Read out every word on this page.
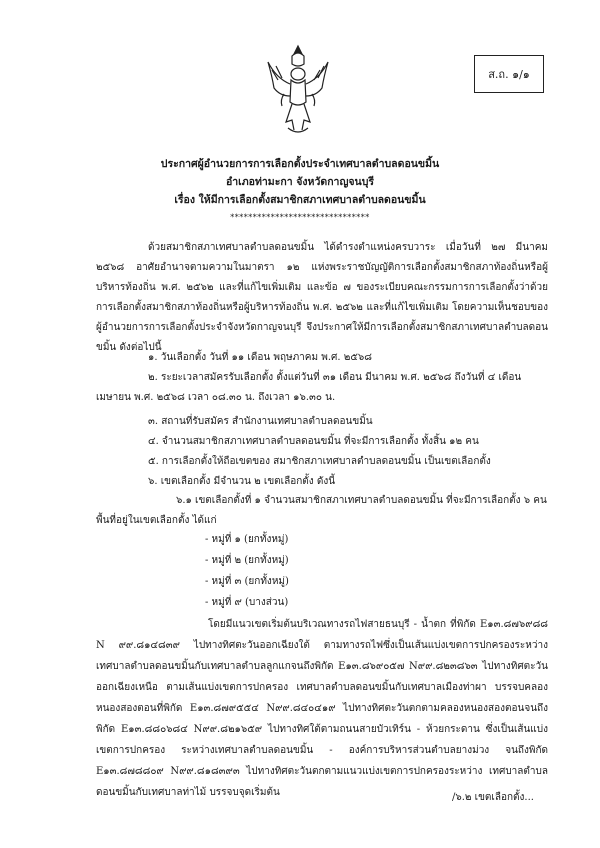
ส.ถ. ๑/๑
ประกาศผู้อำนวยการการเลือกตั้งประจำเทศบาลตำบลดอนขมิ้น
อำเภอท่ามะกา จังหวัดกาญจนบุรี
เรื่อง ให้มีการเลือกตั้งสมาชิกสภาเทศบาลตำบลดอนขมิ้น
*******************************

ด้วยสมาชิกสภาเทศบาลตำบลดอนขมิ้น ได้ดำรงตำแหน่งครบวาระ เมื่อวันที่ ๒๗ มีนาคม ๒๕๖๘ อาศัยอำนาจตามความในมาตรา ๑๒ แห่งพระราชบัญญัติการเลือกตั้งสมาชิกสภาท้องถิ่นหรือผู้บริหารท้องถิ่น พ.ศ. ๒๕๖๒ และที่แก้ไขเพิ่มเติม และข้อ ๗ ของระเบียบคณะกรรมการการเลือกตั้งว่าด้วยการเลือกตั้งสมาชิกสภาท้องถิ่นหรือผู้บริหารท้องถิ่น พ.ศ. ๒๕๖๒ และที่แก้ไขเพิ่มเติม โดยความเห็นชอบของผู้อำนวยการการเลือกตั้งประจำจังหวัดกาญจนบุรี จึงประกาศให้มีการเลือกตั้งสมาชิกสภาเทศบาลตำบลดอนขมิ้น ดังต่อไปนี้

๑. วันเลือกตั้ง วันที่ ๑๑ เดือน พฤษภาคม พ.ศ. ๒๕๖๘

๒. ระยะเวลาสมัครรับเลือกตั้ง ตั้งแต่วันที่ ๓๑ เดือน มีนาคม พ.ศ. ๒๕๖๘ ถึงวันที่ ๔ เดือน เมษายน พ.ศ. ๒๕๖๘ เวลา ๐๘.๓๐ น. ถึงเวลา ๑๖.๓๐ น.

๓. สถานที่รับสมัคร สำนักงานเทศบาลตำบลดอนขมิ้น
๔. จำนวนสมาชิกสภาเทศบาลตำบลดอนขมิ้น ที่จะมีการเลือกตั้ง ทั้งสิ้น ๑๒ คน
๕. การเลือกตั้งให้ถือเขตของ สมาชิกสภาเทศบาลตำบลดอนขมิ้น เป็นเขตเลือกตั้ง
๖. เขตเลือกตั้ง มีจำนวน ๒ เขตเลือกตั้ง ดังนี้

๖.๑ เขตเลือกตั้งที่ ๑ จำนวนสมาชิกสภาเทศบาลตำบลดอนขมิ้น ที่จะมีการเลือกตั้ง ๖ คน พื้นที่อยู่ในเขตเลือกตั้ง ได้แก่

- หมู่ที่ ๑ (ยกทั้งหมู่)
- หมู่ที่ ๒ (ยกทั้งหมู่)
- หมู่ที่ ๓ (ยกทั้งหมู่)
- หมู่ที่ ๙ (บางส่วน)

โดยมีแนวเขตเริ่มต้นบริเวณทางรถไฟสายธนบุรี - น้ำตก ที่พิกัด E๑๓.๘๗๖๙๘๘ N ๙๙.๘๑๔๘๓๙ ไปทางทิศตะวันออกเฉียงใต้ ตามทางรถไฟซึ่งเป็นเส้นแบ่งเขตการปกครองระหว่าง เทศบาลตำบลดอนขมิ้นกับเทศบาลตำบลลูกแกจนถึงพิกัด E๑๓.๘๖๙๐๕๗ N๙๙.๘๒๓๘๖๓ ไปทางทิศตะวันออกเฉียงเหนือ ตามเส้นแบ่งเขตการปกครอง เทศบาลตำบลดอนขมิ้นกับเทศบาลเมืองท่าผา บรรจบคลองหนองสองตอนที่พิกัด E๑๓.๘๗๙๕๕๔ N๙๙.๘๔๐๔๑๙ ไปทางทิศตะวันตกตามคลองหนองสองตอนจนถึงพิกัด E๑๓.๘๘๐๖๘๔ N๙๙.๘๒๑๖๕๙ ไปทางทิศใต้ตามถนนสายบัวเทิร์น - ห้วยกระดาน ซึ่งเป็นเส้นแบ่งเขตการปกครอง ระหว่างเทศบาลตำบลดอนขมิ้น - องค์การบริหารส่วนตำบลยางม่วง จนถึงพิกัด E๑๓.๘๗๘๘๐๙ N๙๙.๘๑๘๓๙๓ ไปทางทิศตะวันตกตามแนวแบ่งเขตการปกครองระหว่าง เทศบาลตำบลดอนขมิ้นกับเทศบาลท่าไม้ บรรจบจุดเริ่มต้น	/๖.๒ เขตเลือกตั้ง...
